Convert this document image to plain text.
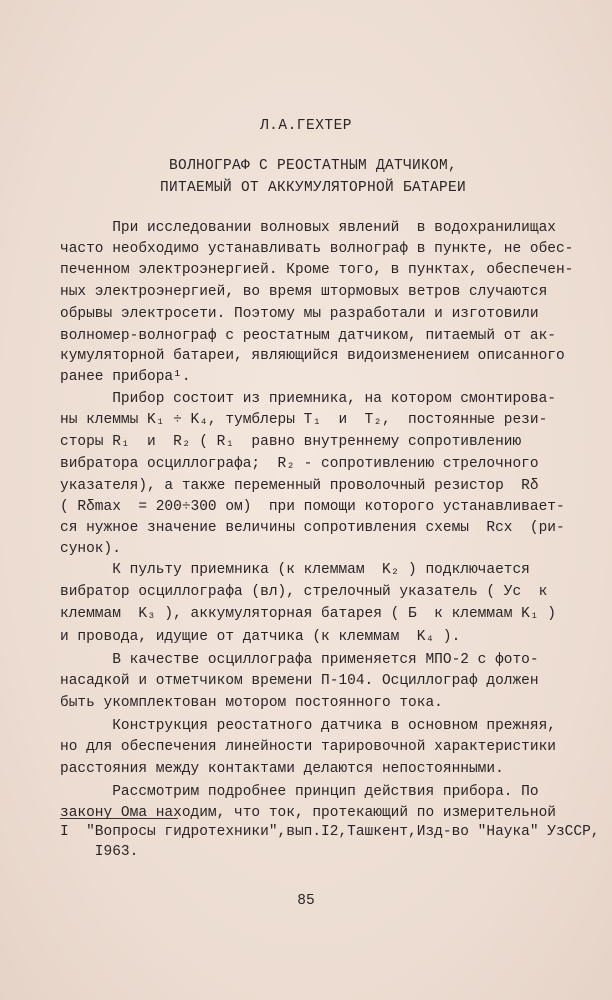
Л.А.ГЕХТЕР
ВОЛНОГРАФ С РЕОСТАТНЫМ ДАТЧИКОМ,
ПИТАЕМЫЙ ОТ АККУМУЛЯТОРНОЙ БАТАРЕИ
При исследовании волновых явлений  в водохранилищах
часто необходимо устанавливать волнограф в пункте, не обес-
печенном электроэнергией. Кроме того, в пунктах, обеспечен-
ных электроэнергией, во время штормовых ветров случаются
обрывы электросети. Поэтому мы разработали и изготовили
волномер-волнограф с реостатным датчиком, питаемый от ак-
кумуляторной батареи, являющийся видоизменением описанного
ранее прибора¹.
Прибор состоит из приемника, на котором смонтирова-
ны клеммы K₁ ÷ K₄, тумблеры T₁  и  T₂,  постоянные рези-
сторы R₁  и  R₂ ( R₁  равно внутреннему сопротивлению
вибратора осциллографа;  R₂ - сопротивлению стрелочного
указателя), а также переменный проволочный резистор  Rδ
( Rδmax  = 200÷300 ом)  при помощи которого устанавливает-
ся нужное значение величины сопротивления схемы  Rсх  (ри-
сунок).
К пульту приемника (к клеммам  K₂ ) подключается
вибратор осциллографа (вл), стрелочный указатель ( Уc  к
клеммам  K₃ ), аккумуляторная батарея ( Б  к клеммам K₁ )
и провода, идущие от датчика (к клеммам  K₄ ).
В качестве осциллографа применяется МПО-2 с фото-
насадкой и отметчиком времени П-104. Осциллограф должен
быть укомплектован мотором постоянного тока.
Конструкция реостатного датчика в основном прежняя,
но для обеспечения линейности тарировочной характеристики
расстояния между контактами делаются непостоянными.
Рассмотрим подробнее принцип действия прибора. По
закону Ома находим, что ток, протекающий по измерительной
I  "Вопросы гидротехники",вып.I2,Ташкент,Изд-во "Наука" УзССР,
I963.
85
